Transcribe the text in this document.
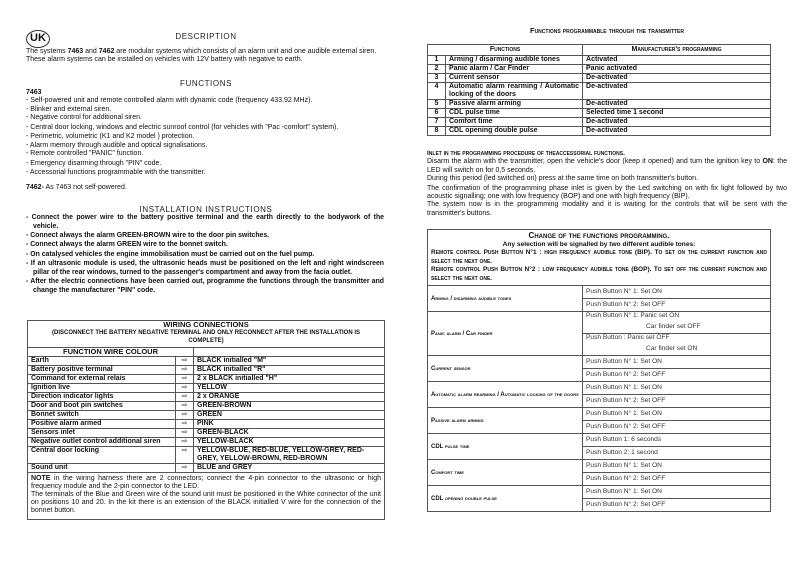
UK	DESCRIPTION
The systems 7463 and 7462 are modular systems which consists of an alarm unit and one audible external siren. These alarm systems can be installed on vehicles with 12V battery with negative to earth.
FUNCTIONS
7463
- Self-powered unit and remote controlled alarm with dynamic code (frequency 433.92 MHz).
- Blinker and external siren.
- Negative control for additional siren.
- Central door locking, windows and electric sunroof control (for vehicles with "Pac -comfort" system).
- Perimetric, volumetric (K1 and K2 model ) protection.
- Alarm memory through audible and optical signalisations.
- Remote controlled "PANIC" function.
- Emergency disarming through "PIN" code.
- Accessorial functions programmable with the transmitter.
7462- As 7463 not self-powered.
INSTALLATION INSTRUCTIONS
- Connect the power wire to the battery positive terminal and the earth directly to the bodywork of the vehicle.
- Connect always the alarm GREEN-BROWN wire to the door pin switches.
- Connect always the alarm GREEN wire to the bonnet switch.
- On catalysed vehicles the engine immobilisation must be carried out on the fuel pump.
- If an ultrasonic module is used, the ultrasonic heads must be positioned on the left and right windscreen pillar of the rear windows, turned to the passenger's compartment and away from the facia outlet.
- After the electric connections have been carried out, programme the functions through the transmitter and change the manufacturer "PIN" code.
WIRING CONNECTIONS		
(DISCONNECT THE BATTERY NEGATIVE TERMINAL AND ONLY RECONNECT AFTER THE INSTALLATION IS COMPLETE)		
FUNCTION WIRE COLOUR		
Earth	⇨	BLACK initialled "M"
Battery positive terminal	⇨	BLACK initialled "R"
Command for external relais	⇨	2 x BLACK initialled "H"
Ignition live	⇨	YELLOW
Direction indicator lights	⇨	2 x ORANGE
Door and boot pin switches	⇨	GREEN-BROWN
Bonnet switch	⇨	GREEN
Positive alarm armed	⇨	PINK
Sensors inlet	⇨	GREEN-BLACK
Negative outlet control additional siren	⇨	YELLOW-BLACK
Central door locking	⇨	YELLOW-BLUE, RED-BLUE, YELLOW-GREY, RED-GREY, YELLOW-BROWN, RED-BROWN
Sound unit	⇨	BLUE and GREY
NOTE in the wiring harness there are 2 connectors; connect the 4-pin connector to the ultrasonic or high frequency module and the 2-pin connector to the LED.
The terminals of the Blue and Green wire of the sound unit must be positioned in the White connector of the unit on positions 10 and 20. In the kit there is an extension of the BLACK initialled V wire for the connection of the bonnet button.		
Functions programmable through the transmitter
Functions		Manufacturer's programming
1	Arming / disarming audible tones	Activated
2	Panic alarm / Car Finder	Panic activated
3	Current sensor	De-activated
4	Automatic alarm rearming / Automatic locking of the doors	De-activated
5	Passive alarm arming	De-activated
6	CDL pulse time	Selected time 1 second
7	Comfort time	De-activated
8	CDL opening double pulse	De-activated
Inlet in the programming procedure of theaccessorial functions.
Disarm the alarm with the transmitter, open the vehicle's door (keep it opened) and turn the ignition key to ON: the LED will switch on for 0,5 seconds.
During this period (led switched on) press at the same time on both transmitter's button.
The confirmation of the programming phase inlet is given by the Led switching on with fix light followed by two acoustic signalling; one with low frequency (BOP) and one with high frequency (BIP).
The system now is in the programming modality and it is waiting for the controls that will be sent with the transmitter's buttons.
Change of the functions programming.
Any selection will be signalled by two different audible tones:
Remote control Push Button N°1 : high frequency audible tone (BIP). To set on the current function and select the next one.
Remote control Push Button N°2 : low frequency audible tone (BOP). To set off the current function and select the next one.	

Arming / disarming audible tones	Push Button N° 1: Set ON

	Push Button N° 2: Set OFF

Panic alarm / Car finder	Push Button N° 1: Panic set ON
Car finder set OFF

	Push Button : Panic set OFF
Car finder set ON

Current sensor	Push Button N° 1: Set ON

	Push Button N° 2: Set OFF

Automatic alarm rearming / Automatic locking of the doors	Push Button N° 1: Set ON

	Push Button N° 2: Set OFF

Passive alarm arming	Push Button N° 1: Set ON

	Push Button N° 2: Set OFF

CDL pulse time	Push Button 1: 6 seconds

	Push Button 2: 1 second

Comfort time	Push Button N° 1: Set ON

	Push Button N° 2: Set OFF

CDL opening double pulse	Push Button N° 1: Set ON

	Push Button N° 2: Set OFF
